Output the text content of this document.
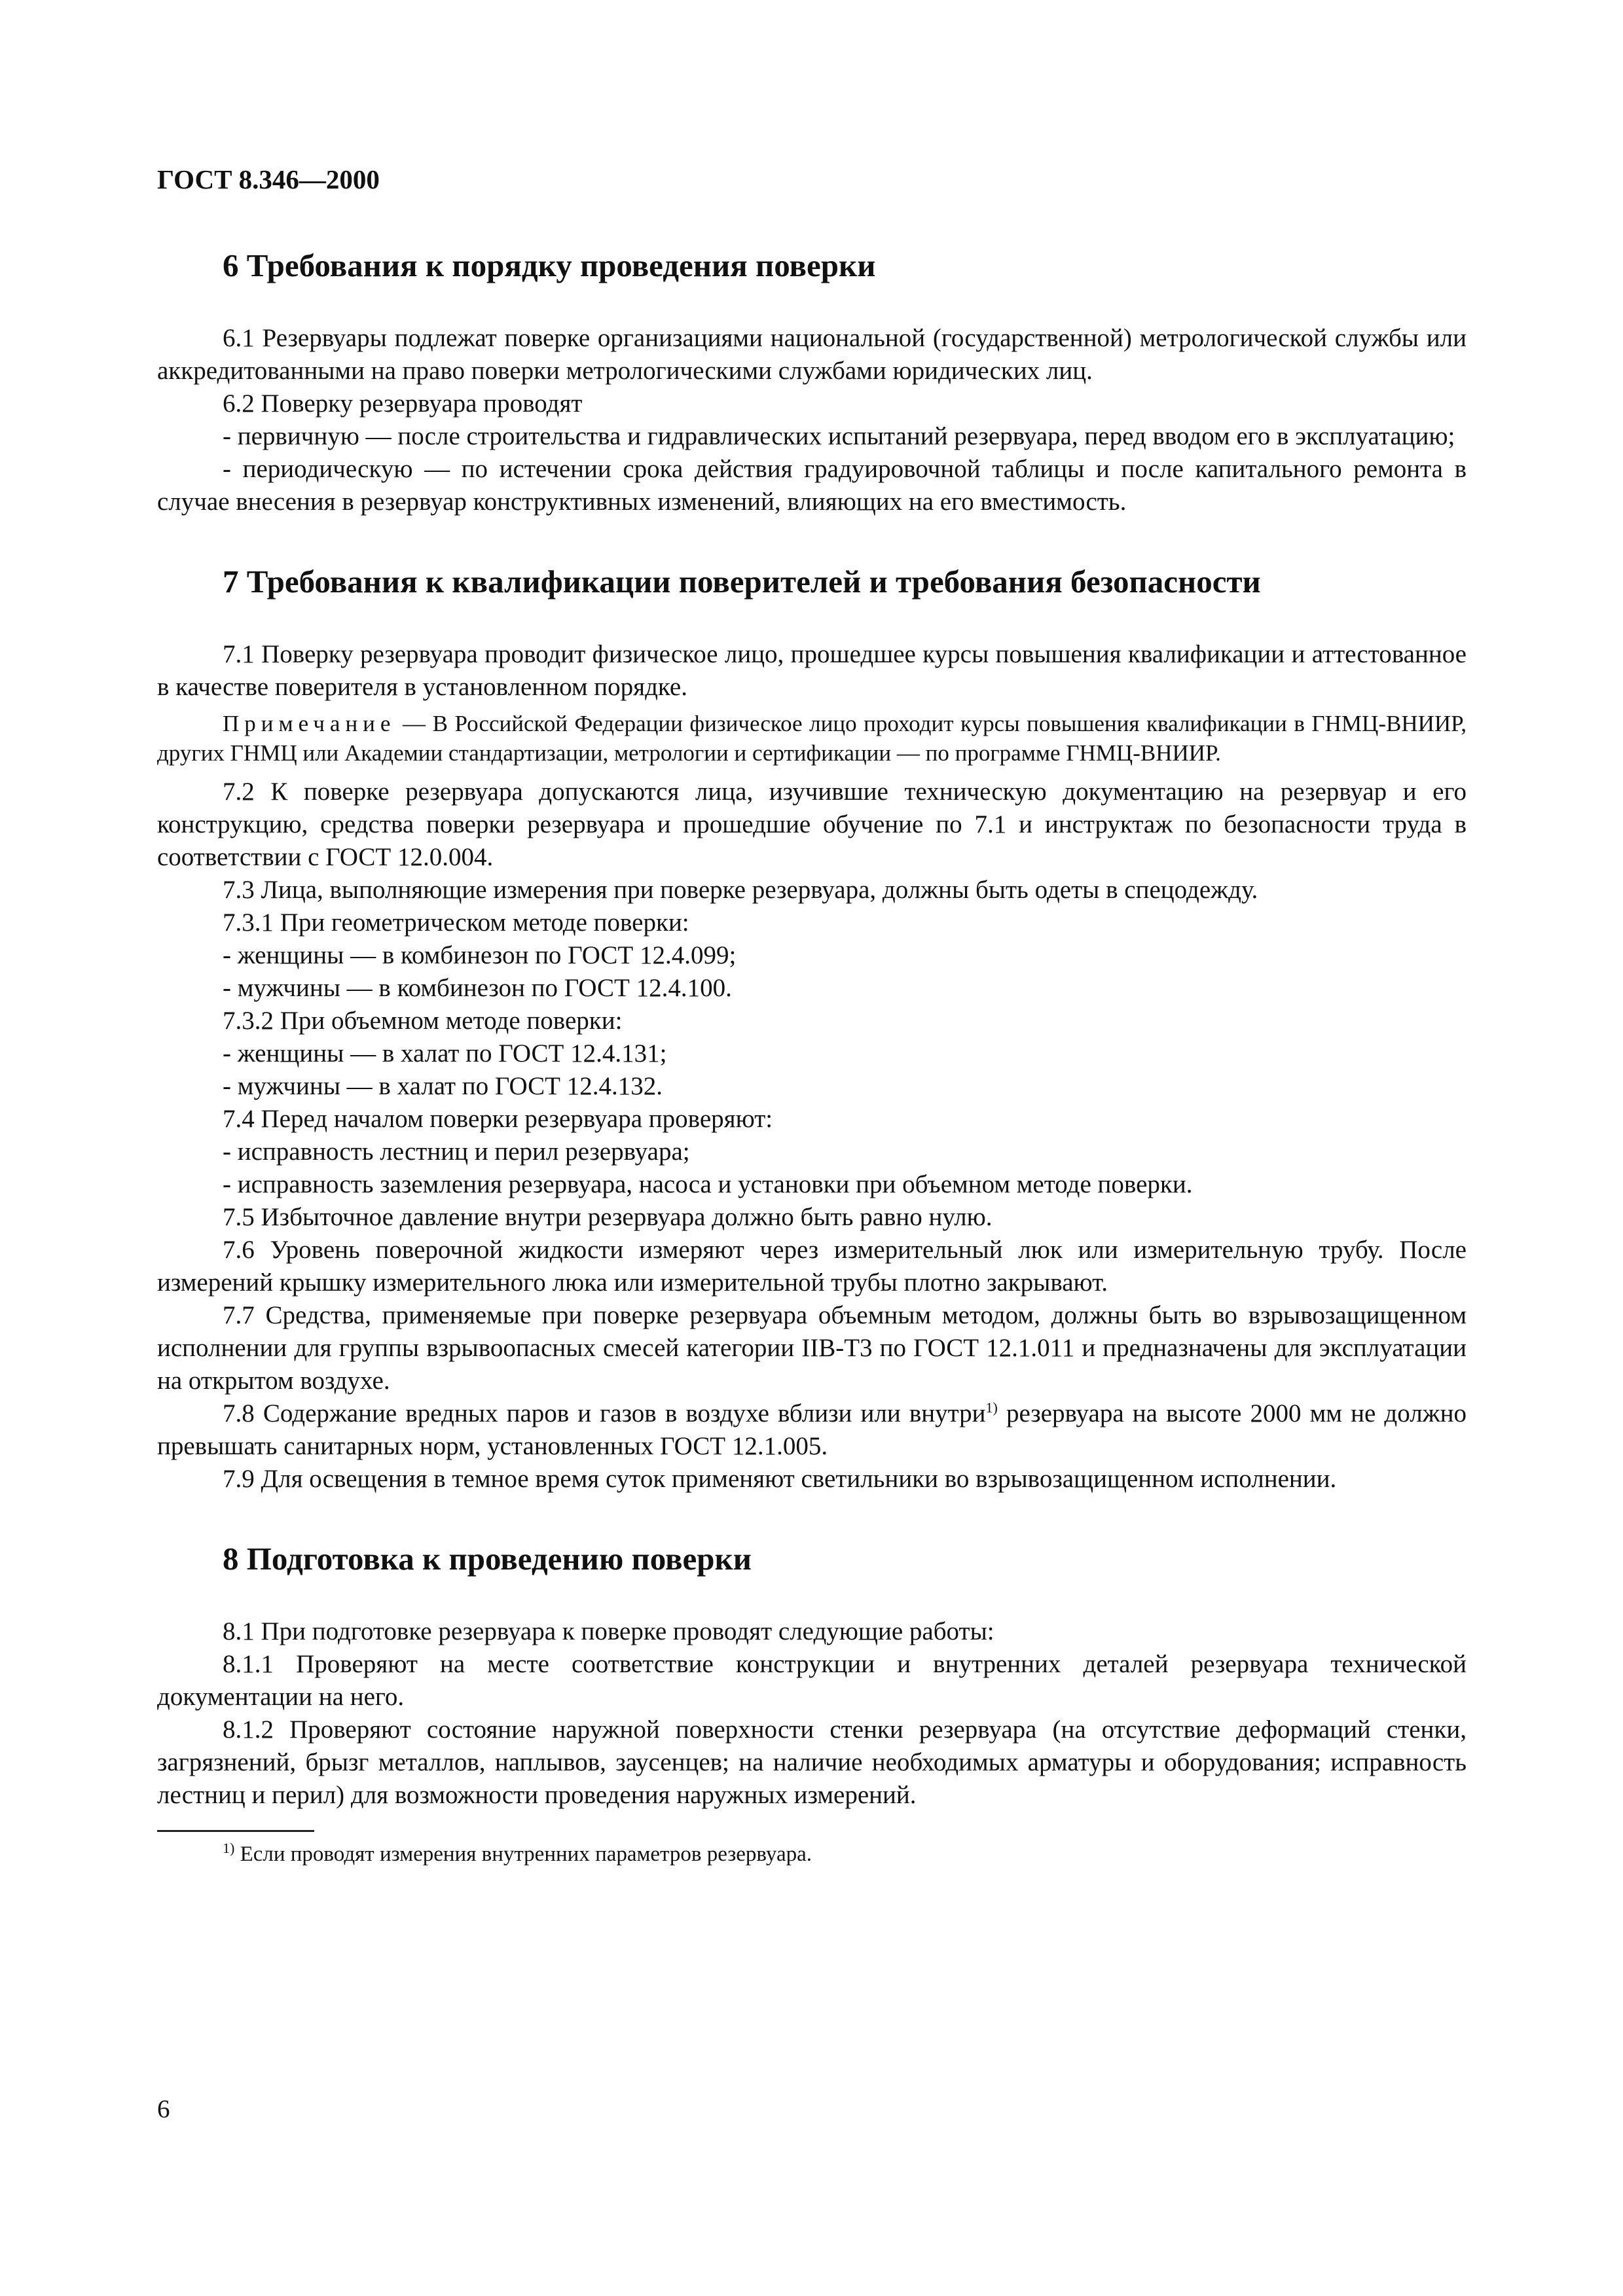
ГОСТ 8.346—2000
6 Требования к порядку проведения поверки

6.1 Резервуары подлежат поверке организациями национальной (государственной) метрологической службы или аккредитованными на право поверки метрологическими службами юридических лиц.

6.2 Поверку резервуара проводят

- первичную — после строительства и гидравлических испытаний резервуара, перед вводом его в эксплуатацию;

- периодическую — по истечении срока действия градуировочной таблицы и после капитального ремонта в случае внесения в резервуар конструктивных изменений, влияющих на его вместимость.

7 Требования к квалификации поверителей и требования безопасности

7.1 Поверку резервуара проводит физическое лицо, прошедшее курсы повышения квалификации и аттестованное в качестве поверителя в установленном порядке.

Примечание — В Российской Федерации физическое лицо проходит курсы повышения квалификации в ГНМЦ-ВНИИР, других ГНМЦ или Академии стандартизации, метрологии и сертификации — по программе ГНМЦ-ВНИИР.

7.2 К поверке резервуара допускаются лица, изучившие техническую документацию на резервуар и его конструкцию, средства поверки резервуара и прошедшие обучение по 7.1 и инструктаж по безопасности труда в соответствии с ГОСТ 12.0.004.

7.3 Лица, выполняющие измерения при поверке резервуара, должны быть одеты в спецодежду.

7.3.1 При геометрическом методе поверки:

- женщины — в комбинезон по ГОСТ 12.4.099;

- мужчины — в комбинезон по ГОСТ 12.4.100.

7.3.2 При объемном методе поверки:

- женщины — в халат по ГОСТ 12.4.131;

- мужчины — в халат по ГОСТ 12.4.132.

7.4 Перед началом поверки резервуара проверяют:

- исправность лестниц и перил резервуара;

- исправность заземления резервуара, насоса и установки при объемном методе поверки.

7.5 Избыточное давление внутри резервуара должно быть равно нулю.

7.6 Уровень поверочной жидкости измеряют через измерительный люк или измерительную трубу. После измерений крышку измерительного люка или измерительной трубы плотно закрывают.

7.7 Средства, применяемые при поверке резервуара объемным методом, должны быть во взрывозащищенном исполнении для группы взрывоопасных смесей категории IIВ-Т3 по ГОСТ 12.1.011 и предназначены для эксплуатации на открытом воздухе.

7.8 Содержание вредных паров и газов в воздухе вблизи или внутри$^{1)}$ резервуара на высоте 2000 мм не должно превышать санитарных норм, установленных ГОСТ 12.1.005.

7.9 Для освещения в темное время суток применяют светильники во взрывозащищенном исполнении.

8 Подготовка к проведению поверки

8.1 При подготовке резервуара к поверке проводят следующие работы:

8.1.1 Проверяют на месте соответствие конструкции и внутренних деталей резервуара технической документации на него.

8.1.2 Проверяют состояние наружной поверхности стенки резервуара (на отсутствие деформаций стенки, загрязнений, брызг металлов, наплывов, заусенцев; на наличие необходимых арматуры и оборудования; исправность лестниц и перил) для возможности проведения наружных измерений.

$^{1)}$ Если проводят измерения внутренних параметров резервуара.

6
